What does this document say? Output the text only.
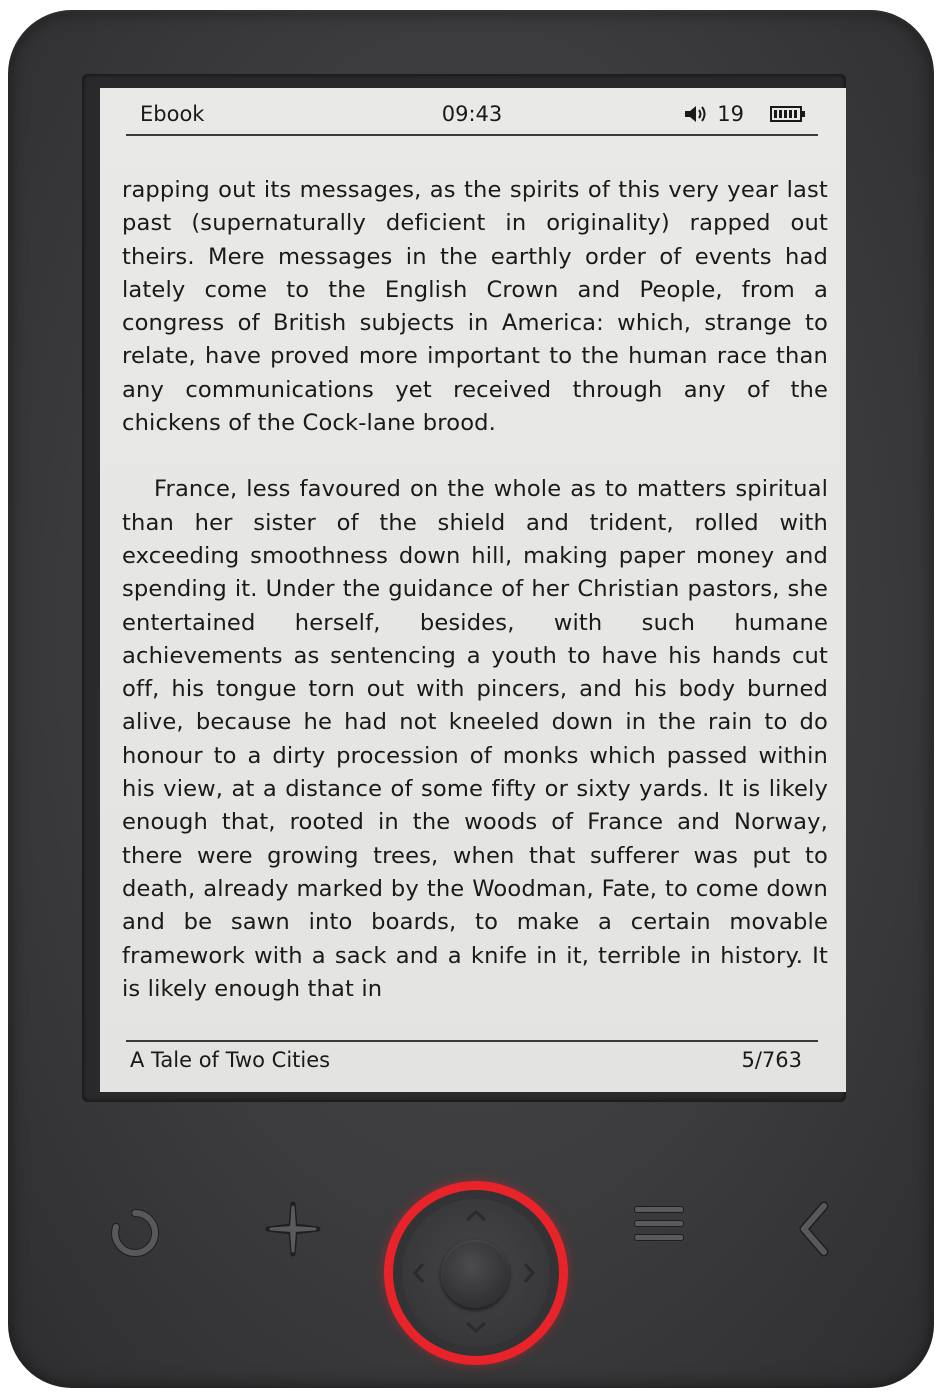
Ebook	09:43	19

rapping out its messages, as the spirits of this very year last past (supernaturally deficient in originality) rapped out theirs. Mere messages in the earthly order of events had lately come to the English Crown and People, from a congress of British subjects in America: which, strange to relate, have proved more important to the human race than any communications yet received through any of the chickens of the Cock-lane brood.

France, less favoured on the whole as to matters spiritual than her sister of the shield and trident, rolled with exceeding smoothness down hill, making paper money and spending it. Under the guidance of her Christian pastors, she entertained herself, besides, with such humane achievements as sentencing a youth to have his hands cut off, his tongue torn out with pincers, and his body burned alive, because he had not kneeled down in the rain to do honour to a dirty procession of monks which passed within his view, at a distance of some fifty or sixty yards. It is likely enough that, rooted in the woods of France and Norway, there were growing trees, when that sufferer was put to death, already marked by the Woodman, Fate, to come down and be sawn into boards, to make a certain movable framework with a sack and a knife in it, terrible in history. It is likely enough that in

A Tale of Two Cities	5/763
